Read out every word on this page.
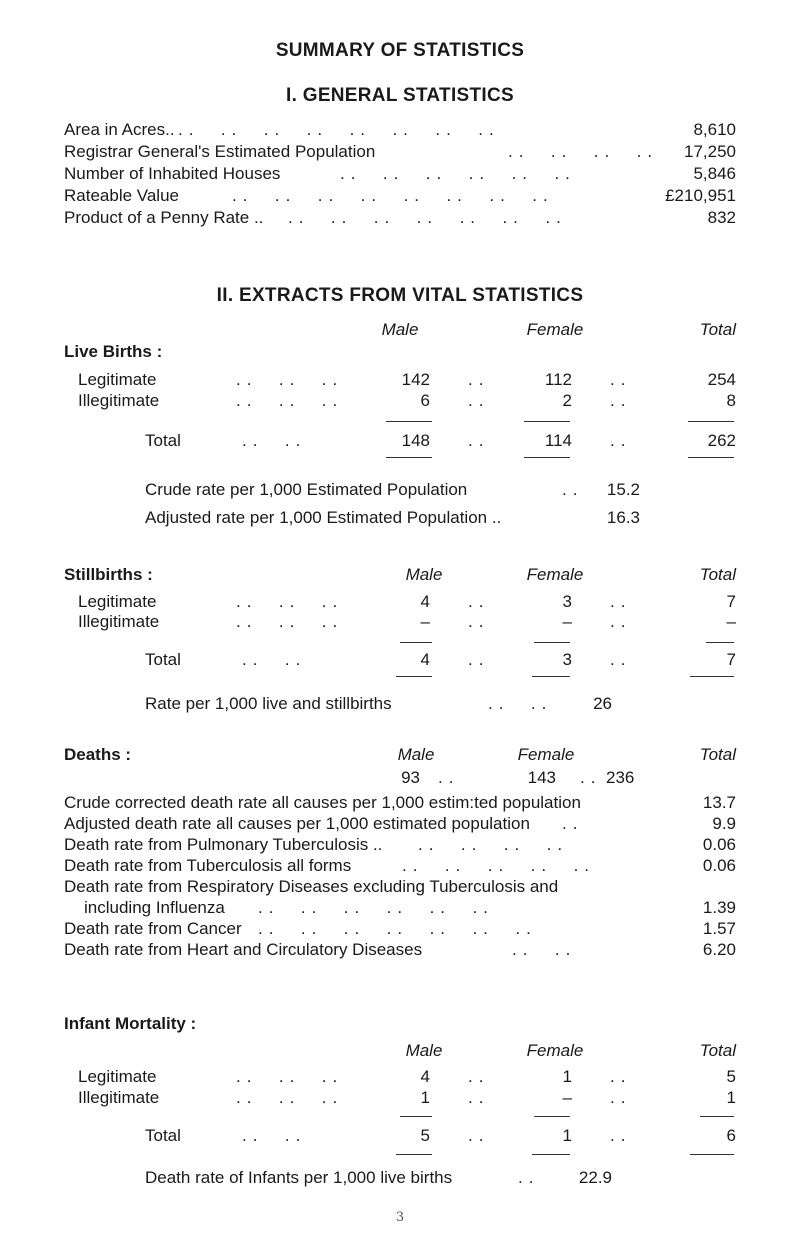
SUMMARY OF STATISTICS
I. GENERAL STATISTICS
Area in Acres.. ..  ..  ..  ..  ..  ..  ..  ..	8,610
Registrar General's Estimated Population	..  ..  ..  ..	17,250
Number of Inhabited Houses	..  ..  ..  ..  ..  ..	5,846
Rateable Value	..  ..  ..  ..  ..  ..  ..  ..	£210,951
Product of a Penny Rate .. ..  ..  ..  ..  ..  ..  ..	832
II. EXTRACTS FROM VITAL STATISTICS
Male	Female	Total
Live Births :
Legitimate	..  ..  ..	142 ..	112 ..	254
Illegitimate	..  ..  ..	6 ..	2 ..	8
Total	..  ..	148 ..	114 ..	262
Crude rate per 1,000 Estimated Population	..	15.2
Adjusted rate per 1,000 Estimated Population ..	16.3
Stillbirths :	Male	Female	Total
Legitimate	..  ..  ..	4 ..	3 ..	7
Illegitimate	..  ..  ..	– ..	– ..	–
Total	..  ..	4 ..	3 ..	7
Rate per 1,000 live and stillbirths	..  ..	26
Deaths :	Male	Female	Total
93 ..	143 .. 236
Crude corrected death rate all causes per 1,000 estim:ted population	13.7
Adjusted death rate all causes per 1,000 estimated population ..	9.9
Death rate from Pulmonary Tuberculosis .. ..  ..  ..  ..	0.06
Death rate from Tuberculosis all forms	..  ..  ..  ..  ..	0.06
Death rate from Respiratory Diseases excluding Tuberculosis and
including Influenza ..  ..  ..  ..  ..  ..	1.39
Death rate from Cancer ..  ..  ..  ..  ..  ..  ..	1.57
Death rate from Heart and Circulatory Diseases	..  ..	6.20
Infant Mortality :
Male	Female	Total
Legitimate	..  ..  ..	4 ..	1 ..	5
Illegitimate	..  ..  ..	1 ..	– ..	1
Total	..  ..	5 ..	1 ..	6
Death rate of Infants per 1,000 live births	..	22.9
3
